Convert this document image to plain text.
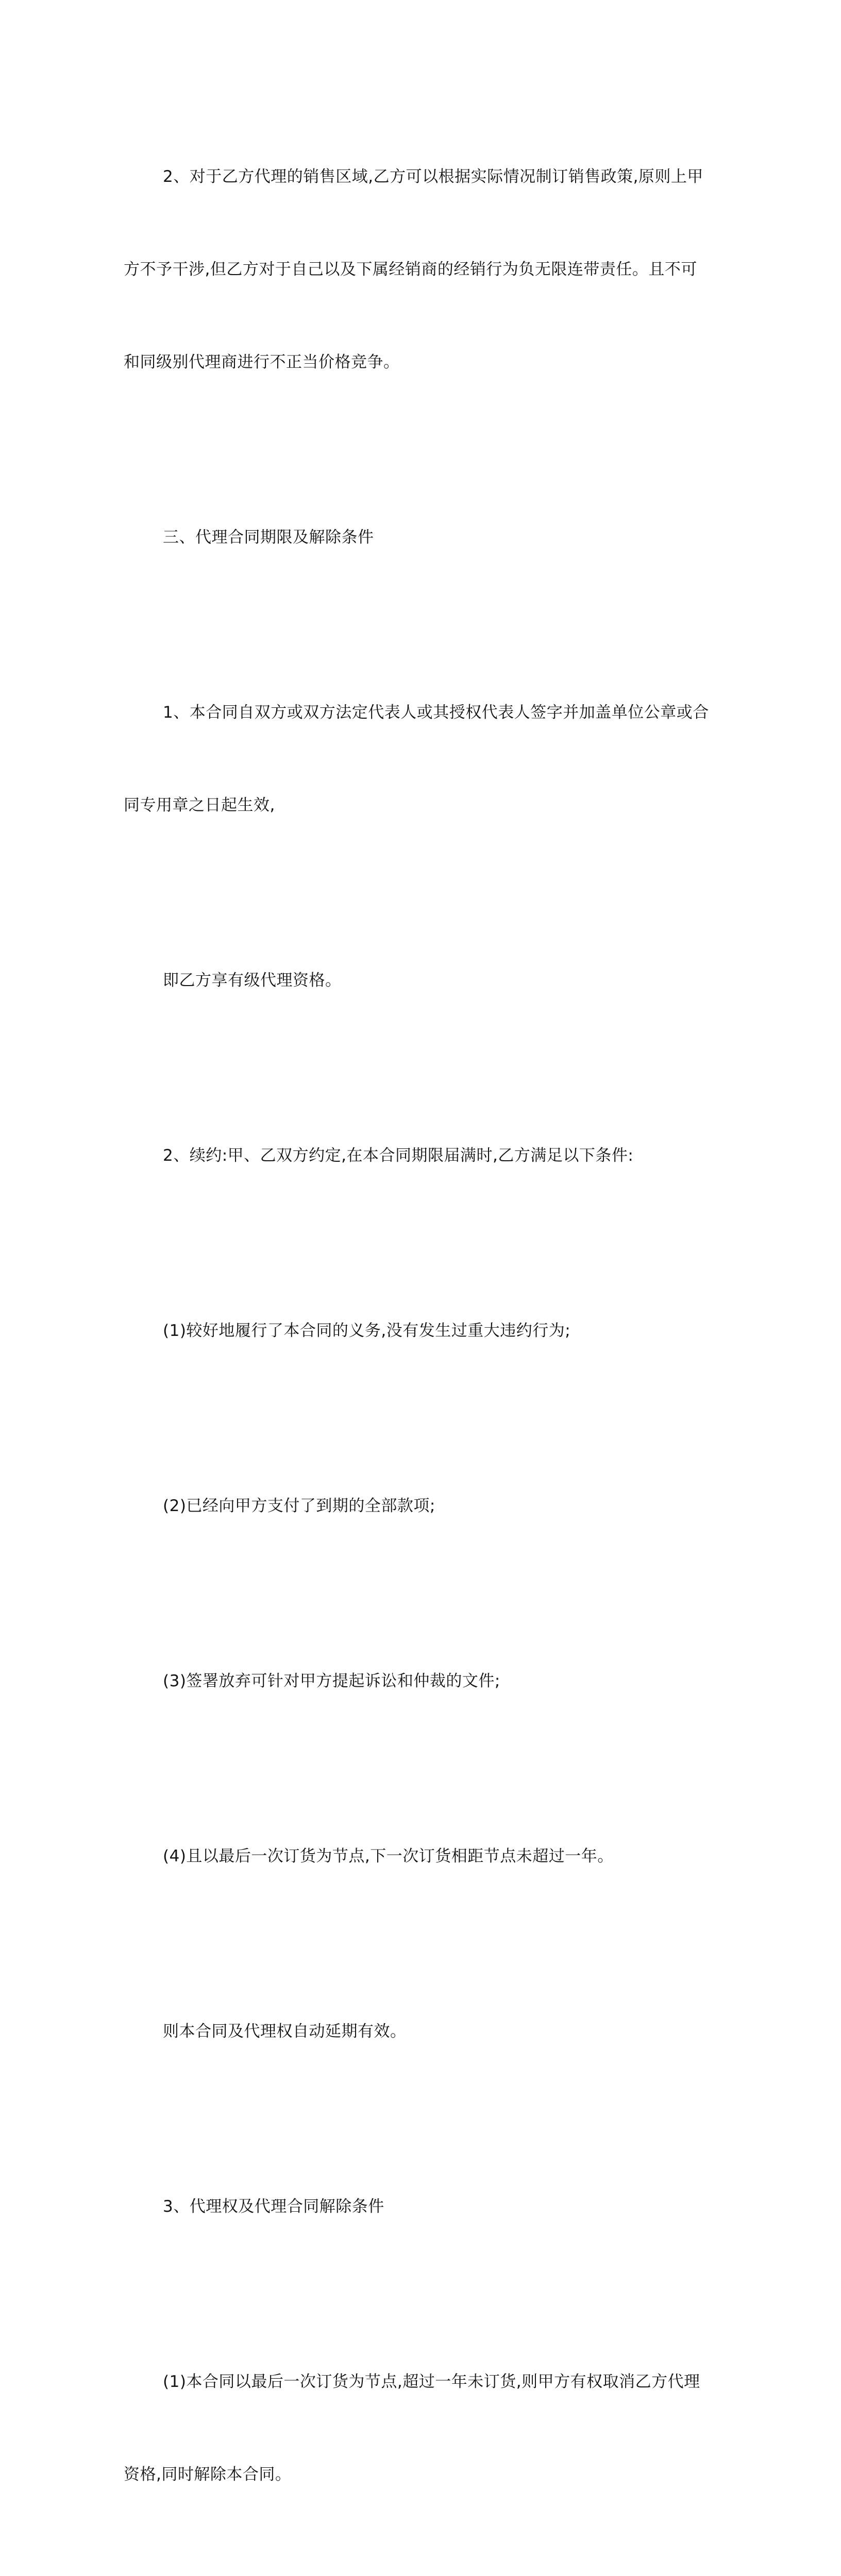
2、对于乙方代理的销售区域,乙方可以根据实际情况制订销售政策,原则上甲

方不予干涉,但乙方对于自己以及下属经销商的经销行为负无限连带责任。且不可

和同级别代理商进行不正当价格竞争。

三、代理合同期限及解除条件

1、本合同自双方或双方法定代表人或其授权代表人签字并加盖单位公章或合

同专用章之日起生效,

即乙方享有级代理资格。

2、续约:甲、乙双方约定,在本合同期限届满时,乙方满足以下条件:

(1)较好地履行了本合同的义务,没有发生过重大违约行为;

(2)已经向甲方支付了到期的全部款项;

(3)签署放弃可针对甲方提起诉讼和仲裁的文件;

(4)且以最后一次订货为节点,下一次订货相距节点未超过一年。

则本合同及代理权自动延期有效。

3、代理权及代理合同解除条件

(1)本合同以最后一次订货为节点,超过一年未订货,则甲方有权取消乙方代理

资格,同时解除本合同。
